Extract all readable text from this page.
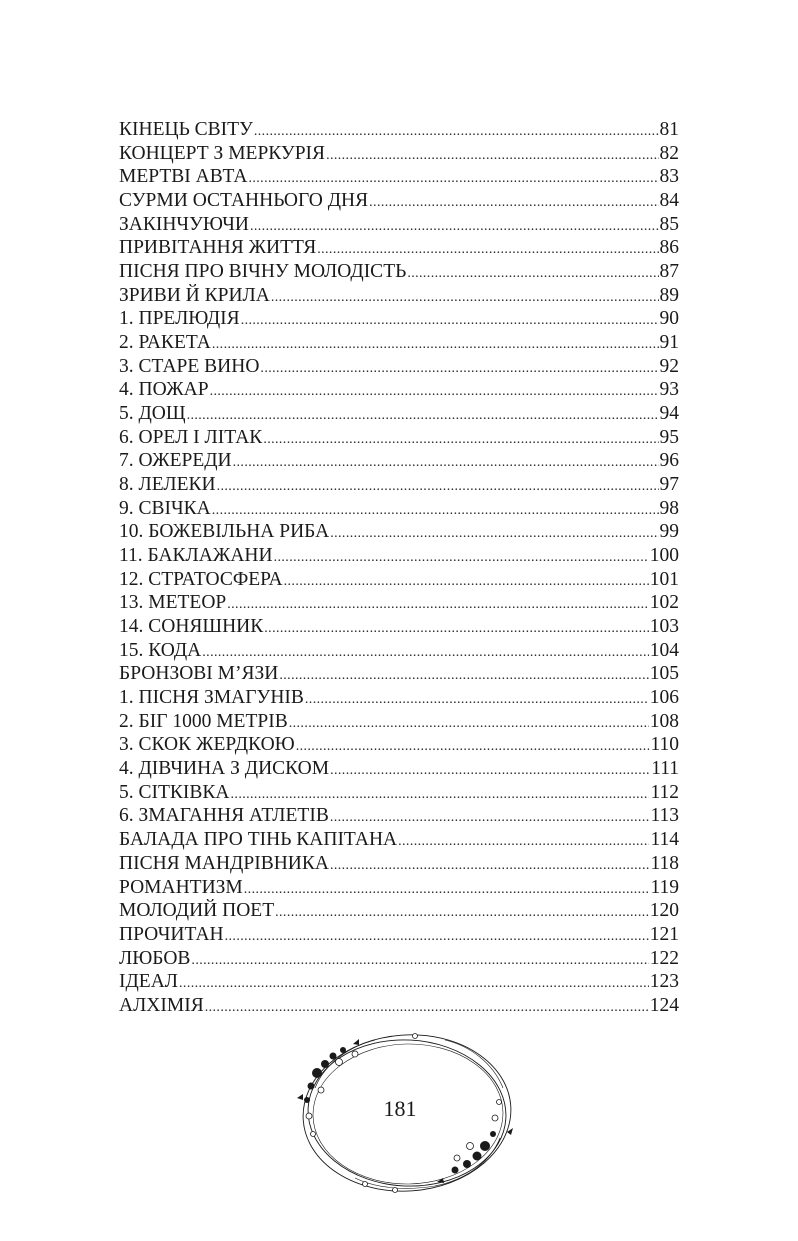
КІНЕЦЬ СВІТУ .....	81
КОНЦЕРТ З МЕРКУРІЯ .....	82
МЕРТВІ АВТА .....	83
СУРМИ ОСТАННЬОГО ДНЯ .....	84
ЗАКІНЧУЮЧИ .....	85
ПРИВІТАННЯ ЖИТТЯ .....	86
ПІСНЯ ПРО ВІЧНУ МОЛОДІСТЬ .....	87
ЗРИВИ Й КРИЛА .....	89
1. ПРЕЛЮДІЯ .....	90
2. РАКЕТА .....	91
3. СТАРЕ ВИНО .....	92
4. ПОЖАР .....	93
5. ДОЩ .....	94
6. ОРЕЛ І ЛІТАК .....	95
7. ОЖЕРЕДИ .....	96
8. ЛЕЛЕКИ .....	97
9. СВІЧКА .....	98
10. БОЖЕВІЛЬНА РИБА .....	99
11. БАКЛАЖАНИ .....	100
12. СТРАТОСФЕРА .....	101
13. МЕТЕОР .....	102
14. СОНЯШНИК .....	103
15. КОДА .....	104
БРОНЗОВІ М’ЯЗИ .....	105
1. ПІСНЯ ЗМАГУНІВ .....	106
2. БІГ 1000 МЕТРІВ .....	108
3. СКОК ЖЕРДКОЮ .....	110
4. ДІВЧИНА З ДИСКОМ .....	111
5. СІТКІВКА .....	112
6. ЗМАГАННЯ АТЛЕТІВ .....	113
БАЛАДА ПРО ТІНЬ КАПІТАНА .....	114
ПІСНЯ МАНДРІВНИКА .....	118
РОМАНТИЗМ .....	119
МОЛОДИЙ ПОЕТ .....	120
ПРОЧИТАН .....	121
ЛЮБОВ .....	122
ІДЕАЛ .....	123
АЛХІМІЯ .....	124
181
